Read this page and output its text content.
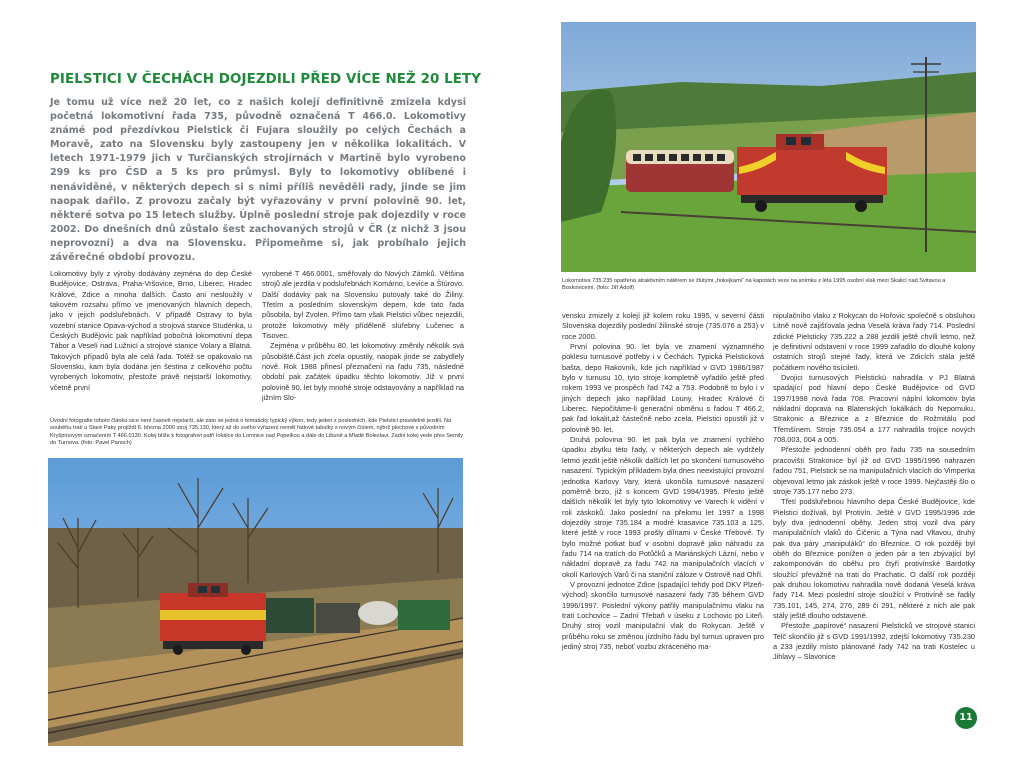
PIELSTICI V ČECHÁCH DOJEZDILI PŘED VÍCE NEŽ 20 LETY
Je tomu už více než 20 let, co z našich kolejí definitivně zmizela kdysi početná lokomotivní řada 735, původně označená T 466.0. Lokomotivy známé pod přezdívkou Pielstick či Fujara sloužily po celých Čechách a Moravě, zato na Slovensku byly zastoupeny jen v několika lokalitách. V letech 1971-1979 jich v Turčianských strojírnách v Martině bylo vyrobeno 299 ks pro ČSD a 5 ks pro průmysl. Byly to lokomotivy oblíbené i nenáviděné, v některých depech si s nimi příliš nevěděli rady, jinde se jim naopak dařilo. Z provozu začaly být vyřazovány v první polovině 90. let, některé sotva po 15 letech služby. Úplně poslední stroje pak dojezdily v roce 2002. Do dnešních dnů zůstalo šest zachovaných strojů v ČR (z nichž 3 jsou neprovozní) a dva na Slovensku. Připomeňme si, jak probíhalo jejich závěrečné období provozu.

Lokomotivy byly z výroby dodávány zejména do dep České Budějovice, Ostrava, Praha-Vršovice, Brno, Liberec, Hradec Králové, Zdice a mnoha dalších. Často ani nesloužily v takovém rozsahu přímo ve jmenovaných hlavních depech, jako v jejich podsluřebnách. V případě Ostravy to byla vozební stanice Opava-východ a strojová stanice Studénka, u Českých Budějovic pak například pobočná lokomotivní depa Tábor a Veselí nad Lužnicí a strojové stanice Volary a Blatná. Takových případů byla ale celá řada. Totéž se opakovalo na Slovensku, kam byla dodána jen šestina z celkového počtu vyrobených lokomotiv, přestože právě nejstarší lokomotivy, včetně první

vyrobené T 466.0001, směřovaly do Nových Zámků. Většina strojů ale jezdila v podsluřebnách Komárno, Levice a Štúrovo. Další dodávky pak na Slovensku putovaly také do Žiliny. Třetím a posledním slovenským depem, kde tato řada působila, byl Zvolen. Přímo tam však Pielstici vůbec nejezdili, protože lokomotivy měly příděleně sluřebny Lučenec a Tisovec.

Zejména v průběhu 80. let lokomotivy změnily několik svá působiště.Část jich zcela opustily, naopak jinde se zabydlely nově. Rok 1988 přinesl přeznačení na řadu 735, následné období pak začátek úpadku těchto lokomotiv. Již v první polovině 90. let byly mnohé stroje odstavovány a například na jižním Slo-

Úvodní fotografie tohoto článku sice není časově nejstarší, ale zato se jedná o tematicky typický výkon, tedy jeden z posledních, kde Pielstici pravidelně jezdili. Na souběhu tratí u Staré Paky projíždí 6. března 2000 stroj 735.130, který až do svého vyřazení neměl řadové tabulky s novým číslem, nýbrž plechové s původním Kryšpínovým označením T 466.0130. Kolej blíže k fotografovi patří lokálce do Lomnice nad Popelkou a dále do Libuně a Mladé Boleslavi. Zadní kolej vede přes Semily do Turnova. (foto: Pavel Panoch)
Lokomotiva 735.235 opatřená atraktivním nátěrem se žlutými „hokejkami“ na kapotách veze na snímku z léta 1995 osobní vlak mezi Skalicí nad Svitavou a Boskovicemi. (foto: Jiří Adolf)

vensku zmizely z kolejí již kolem roku 1995, v severní části Slovenska dojezdily poslední žilinské stroje (735.076 a 253) v roce 2000.

První polovina 90. let byla ve znamení významného poklesu turnusové potřeby i v Čechách. Typická Pielsticková bašta, depo Rakovník, kde jich například v GVD 1986/1987 bylo v turnusu 10, tyto stroje kompletně vyřadilo ještě před rokem 1993 ve prospěch řad 742 a 753. Podobně to bylo i v jiných depech jako například Louny, Hradec Králové či Liberec. Nepočítáme-li generační obměnu s řadou T 466.2, pak řad lokalit,až částečně nebo zcela, Pielstici opustili již v polovině 90. let.

Druhá polovina 90. let pak byla ve znamení rychlého úpadku zbytku této řady, v některých depech ale vydržely letmo jezdit ještě několik dalších let po skončení turnusového nasazení. Typickým příkladem byla dnes neexistující provozní jednotka Karlovy Vary, která ukončila turnusové nasazení poměrně brzo, již s koncem GVD 1994/1995. Přesto ještě dalších několik let byly tyto lokomotivy ve Varech k vidění v roli záskoků. Jako poslední na přelomu let 1997 a 1998 dojezdily stroje 735.184 a modré krasavice 735.103 a 125, které ještě v roce 1993 prošly dílnami v České Třebové. Ty bylo možné potkat buď v osobní dopravě jako náhradu za řadu 714 na tratích do Potůčků a Mariánských Lázní, nebo v nákladní dopravě za řadu 742 na manipulačních vlacích v okolí Karlových Varů či na staniční záloze v Ostrově nad Ohří.

V provozní jednotce Zdice (spadající tehdy pod DKV Plzeň-východ) skončilo turnusové nasazení řady 735 během GVD 1996/1997. Poslední výkony patřily manipulačnímu vlaku na trati Lochovice – Zadní Třebaň v úseku z Lochovic po Liteň. Druhý stroj vozil manipulační vlak do Rokycan. Ještě v průběhu roku se změnou jízdního řádu byl turnus upraven pro jediný stroj 735, neboť vozbu zkráceného ma-

nipulačního vlaku z Rokycan do Hořovic společně s obsluhou Litně nově zajišťovala jedna Veselá kráva řady 714. Poslední zdické Pielsticky 735.222 a 288 jezdili ještě chvíli letmo, než je definitivní odstavení v roce 1999 zařadilo do dlouhé kolony ostatních strojů stejné řady, která ve Zdicích stála ještě počátkem nového tisíciletí.

Dvojici turnusových Pielstickú nahradila v PJ Blatná spadající pod hlavní depo České Budějovice od GVD 1997/1998 nová řada 708. Pracovní náplní lokomotiv byla nákladní doprava na Blatenských lokálkách do Nepomuku, Strakonic a Březnice a z Březnice do Rožmitálu pod Třemšínem. Stroje 735.054 a 177 nahradila trojice nových 708.003, 004 a 005.

Přestože jednodenní oběh pro řadu 735 na sousedním pracovišti Strakonice byl již od GVD 1995/1996 nahrazen řadou 751, Pielstick se na manipulačních vlacích do Vimperka objevoval letmo jak záskok ještě v roce 1999. Nejčastěji šlo o stroje 735.177 nebo 273.

Třetí podsluřebnou hlavního depa České Budějovice, kde Pielstici dožívali, byl Protivín. Ještě v GVD 1995/1996 zde byly dva jednodenní oběhy. Jeden stroj vozil dva páry manipulačních vlaků do Čičenic a Týna nad Vltavou, druhý pak dva páry „manipuláků“ do Březnice. O rok později byl oběh do Březnice ponížen o jeden pár a ten zbývající byl zakomponován do oběhu pro čtyři protivínské Bardotky sloužící převážně na trati do Prachatic. O další rok později pak druhou lokomotivu nahradila nově dodaná Veselá kráva řady 714. Mezi poslední stroje sloužící v Protivíně se řadily 735.101, 145, 274, 276, 289 či 291, některé z nich ale pak stály ještě dlouho odstavené.

Přestože „papírové“ nasazení Pielsticků ve strojové stanici Telč skončilo již s GVD 1991/1992, zdejší lokomotivy 735.230 a 233 jezdily místo plánované řady 742 na trati Kostelec u Jihlavy – Slavonice

11
